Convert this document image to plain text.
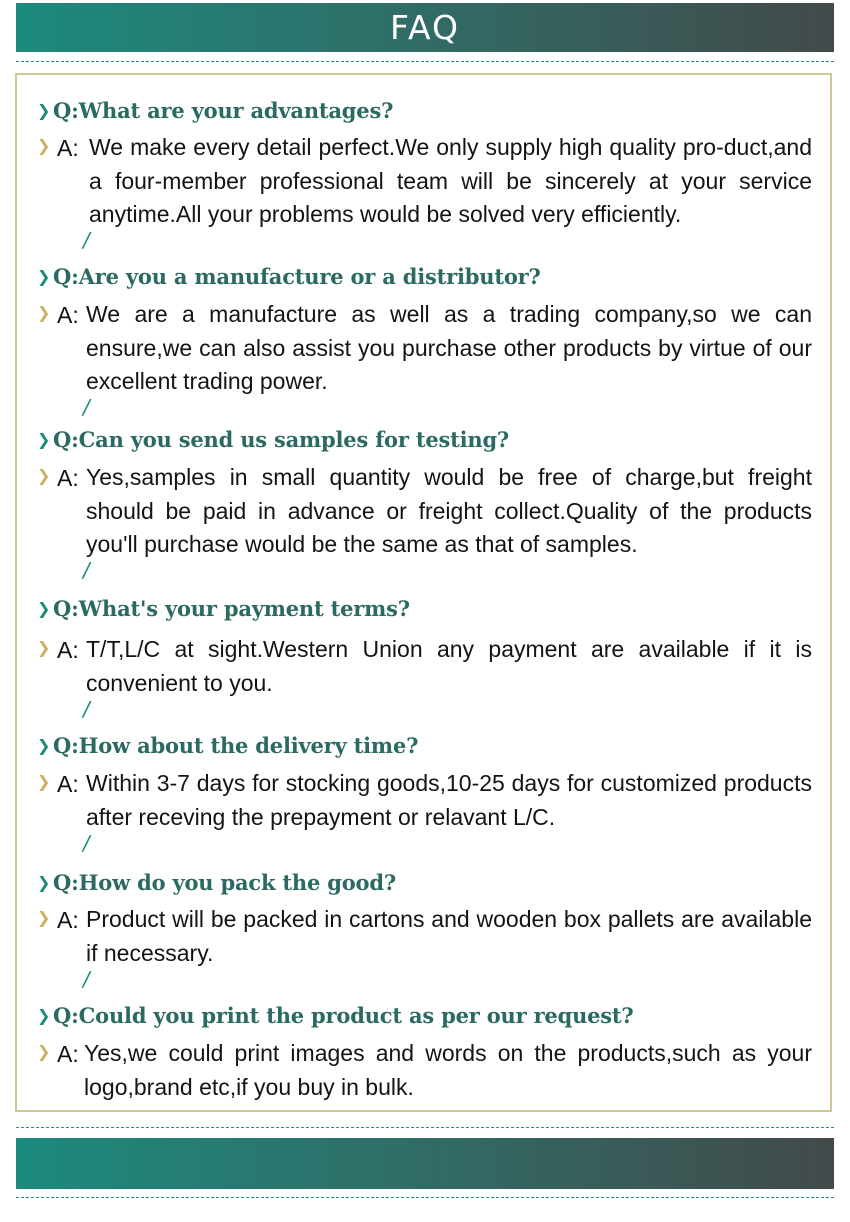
FAQ
❯ Q:What are your advantages?
❯ A: We make every detail perfect.We only supply high quality pro-duct,and a four-member professional team will be sincerely at your service anytime.All your problems would be solved very efficiently.
/
❯ Q:Are you a manufacture or a distributor?
❯ A: We are a manufacture as well as a trading company,so we can ensure,we can also assist you purchase other products by virtue of our excellent trading power.
/
❯ Q:Can you send us samples for testing?
❯ A: Yes,samples in small quantity would be free of charge,but freight should be paid in advance or freight collect.Quality of the products you'll purchase would be the same as that of samples.
/
❯ Q:What's your payment terms?
❯ A: T/T,L/C at sight.Western Union any payment are available if it is convenient to you.
/
❯ Q:How about the delivery time?
❯ A: Within 3-7 days for stocking goods,10-25 days for customized products after receving the prepayment or relavant L/C.
/
❯ Q:How do you pack the good?
❯ A: Product will be packed in cartons and wooden box pallets are available if necessary.
/
❯ Q:Could you print the product as per our request?
❯ A: Yes,we could print images and words on the products,such as your logo,brand etc,if you buy in bulk.
